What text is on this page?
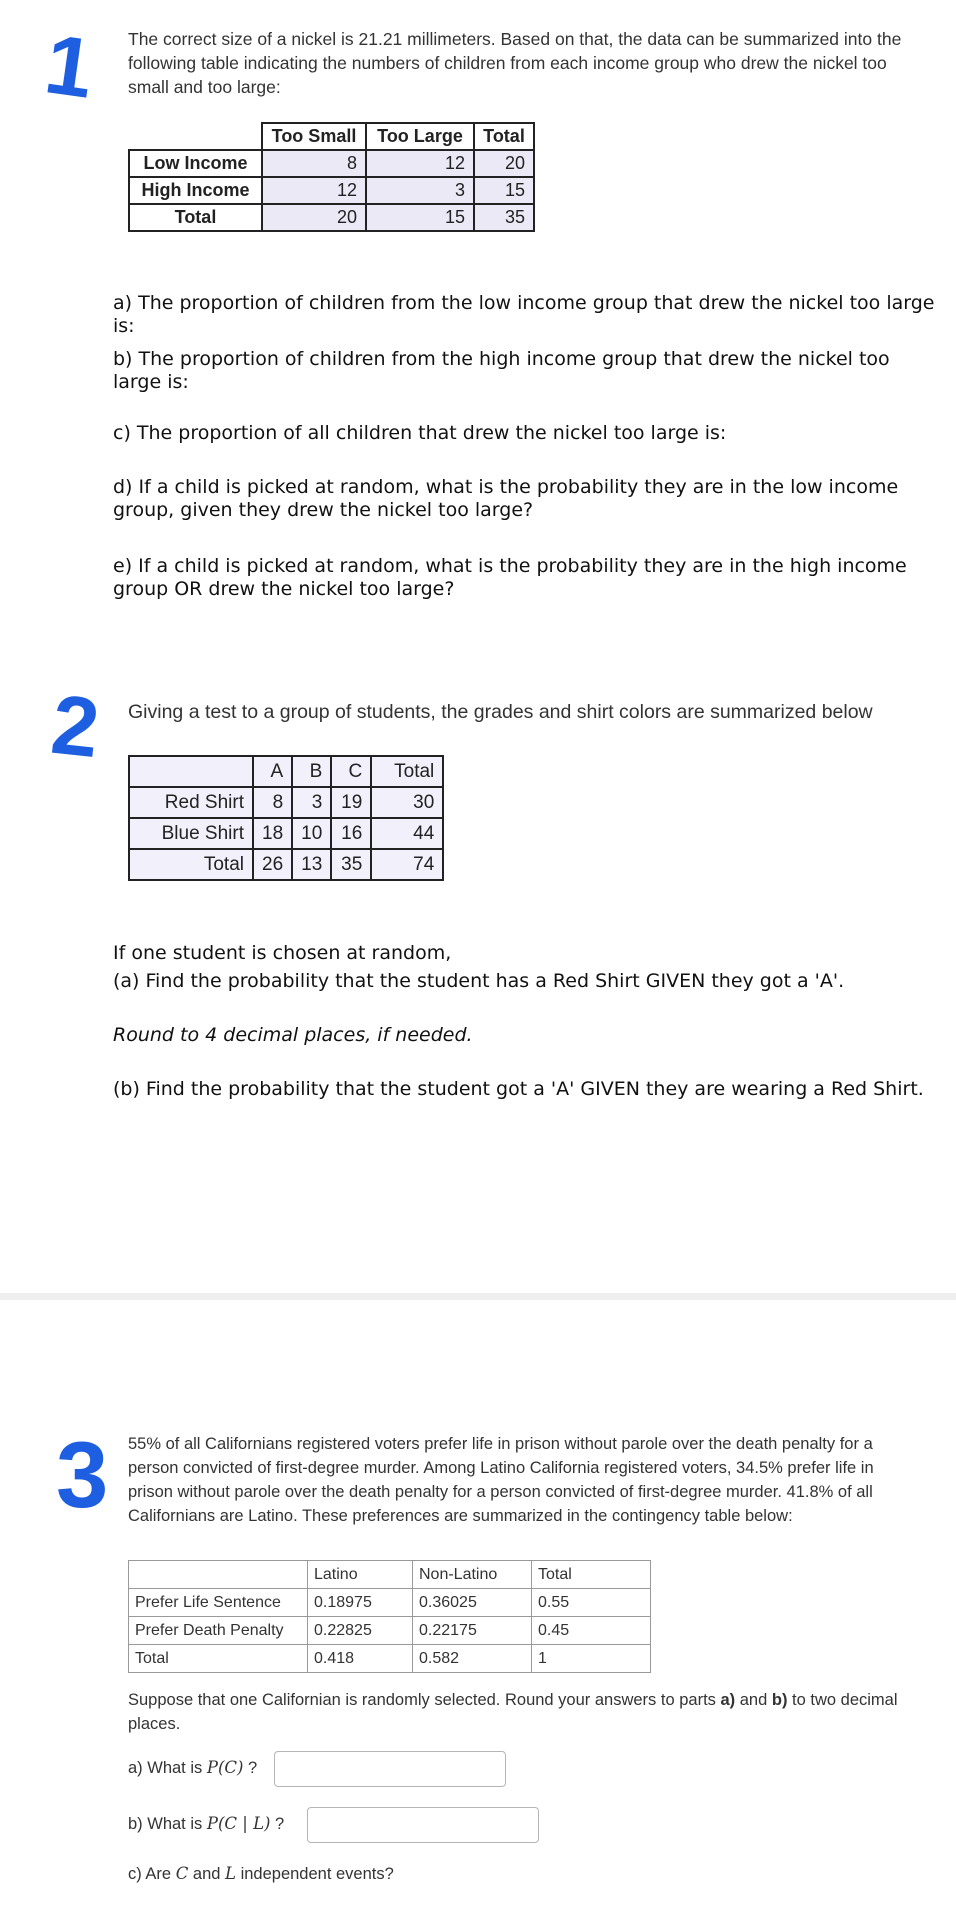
1 The correct size of a nickel is 21.21 millimeters. Based on that, the data can be summarized into the following table indicating the numbers of children from each income group who drew the nickel too small and too large:
	Too Small	Too Large	Total
Low Income	8	12	20
High Income	12	3	15
Total	20	15	35
a) The proportion of children from the low income group that drew the nickel too large is:
b) The proportion of children from the high income group that drew the nickel too large is:
c) The proportion of all children that drew the nickel too large is:
d) If a child is picked at random, what is the probability they are in the low income group, given they drew the nickel too large?
e) If a child is picked at random, what is the probability they are in the high income group OR drew the nickel too large?
2 Giving a test to a group of students, the grades and shirt colors are summarized below
	A	B	C	Total
Red Shirt	8	3	19	30
Blue Shirt	18	10	16	44
Total	26	13	35	74
If one student is chosen at random,
(a) Find the probability that the student has a Red Shirt GIVEN they got a 'A'.
Round to 4 decimal places, if needed.
(b) Find the probability that the student got a 'A' GIVEN they are wearing a Red Shirt.
3 55% of all Californians registered voters prefer life in prison without parole over the death penalty for a person convicted of first-degree murder. Among Latino California registered voters, 34.5% prefer life in prison without parole over the death penalty for a person convicted of first-degree murder. 41.8% of all Californians are Latino. These preferences are summarized in the contingency table below:
	Latino	Non-Latino	Total
Prefer Life Sentence	0.18975	0.36025	0.55
Prefer Death Penalty	0.22825	0.22175	0.45
Total	0.418	0.582	1
Suppose that one Californian is randomly selected. Round your answers to parts a) and b) to two decimal places.
a) What is P(C) ?
b) What is P(C | L) ?
c) Are C and L independent events?
